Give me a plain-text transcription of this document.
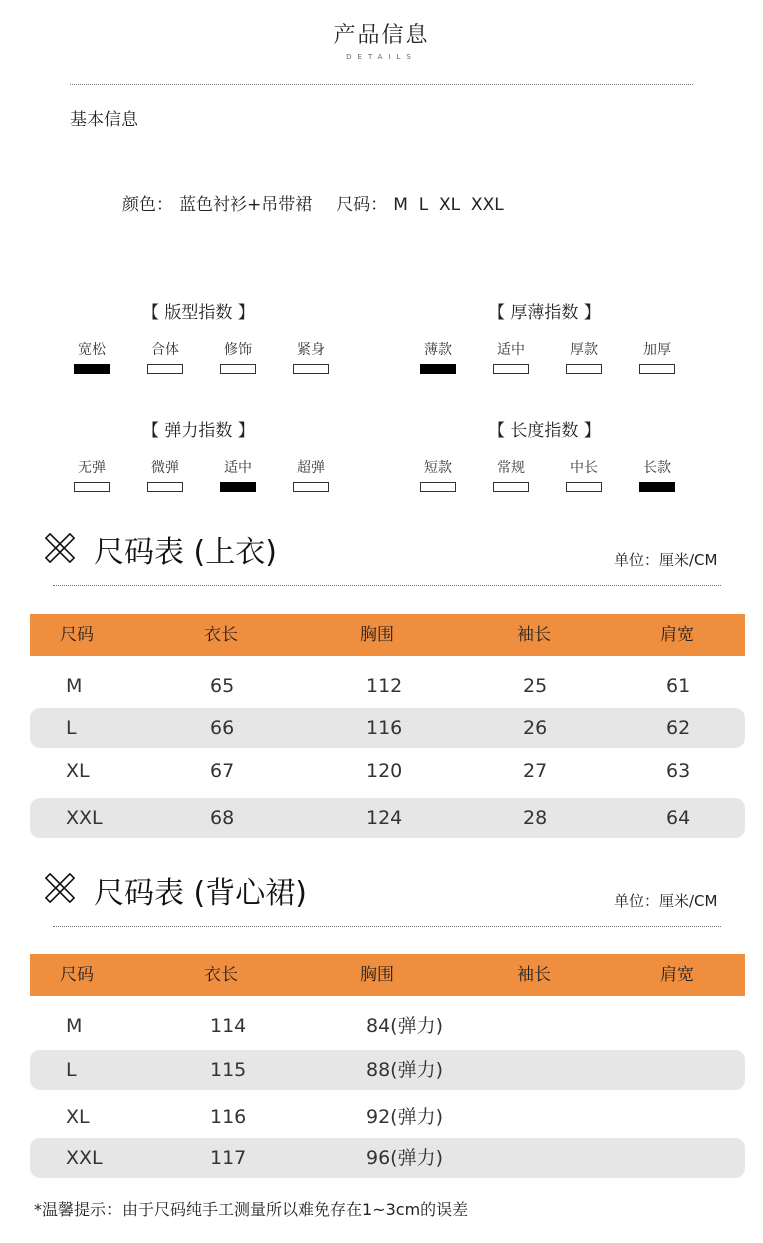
产品信息
DETAILS
基本信息
颜色： 蓝色衬衫+吊带裙 尺码： M  L  XL  XXL
【 版型指数 】
宽松	合体	修饰	紧身
【 厚薄指数 】
薄款	适中	厚款	加厚
【 弹力指数 】
无弹	微弹	适中	超弹
【 长度指数 】
短款	常规	中长	长款
尺码表 (上衣)	单位：厘米/CM
尺码	衣长	胸围	袖长	肩宽
M	65	112	25	61
L	66	116	26	62
XL	67	120	27	63
XXL	68	124	28	64
尺码表 (背心裙)	单位：厘米/CM
尺码	衣长	胸围	袖长	肩宽
M	114	84(弹力)
L	115	88(弹力)
XL	116	92(弹力)
XXL	117	96(弹力)
*温馨提示：由于尺码纯手工测量所以难免存在1~3cm的误差
